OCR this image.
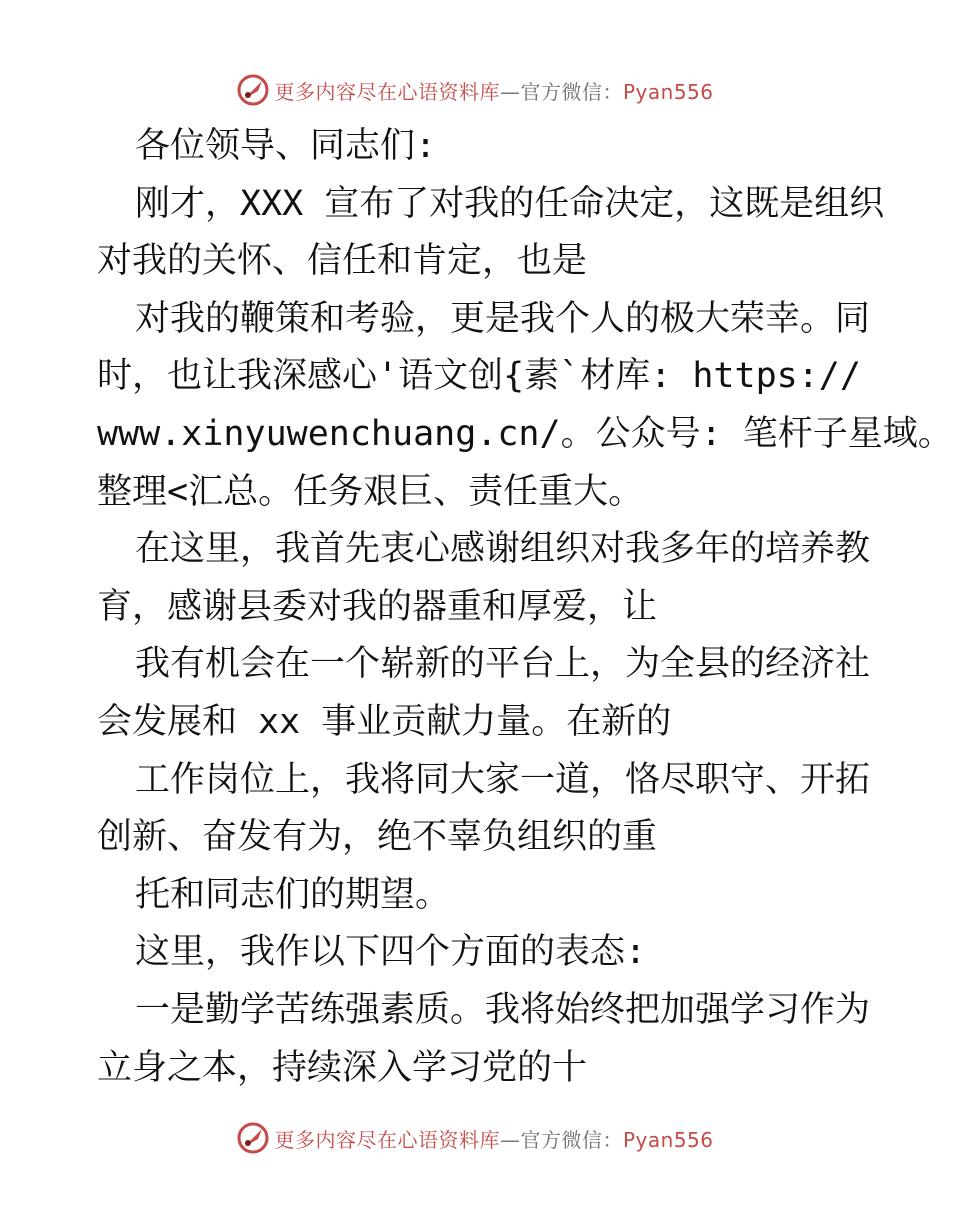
更多内容尽在心语资料库—官方微信：Pyan556
各位领导、同志们:
刚才，XXX 宣布了对我的任命决定，这既是组织
对我的关怀、信任和肯定，也是
对我的鞭策和考验，更是我个人的极大荣幸。同
时，也让我深感心'语文创{素`材库: https://
www.xinyuwenchuang.cn/。公众号: 笔杆子星域。
整理<汇总。任务艰巨、责任重大。
在这里，我首先衷心感谢组织对我多年的培养教
育，感谢县委对我的器重和厚爱，让
我有机会在一个崭新的平台上，为全县的经济社
会发展和 xx 事业贡献力量。在新的
工作岗位上，我将同大家一道，恪尽职守、开拓
创新、奋发有为，绝不辜负组织的重
托和同志们的期望。
这里，我作以下四个方面的表态:
一是勤学苦练强素质。我将始终把加强学习作为
立身之本，持续深入学习党的十
更多内容尽在心语资料库—官方微信：Pyan556
